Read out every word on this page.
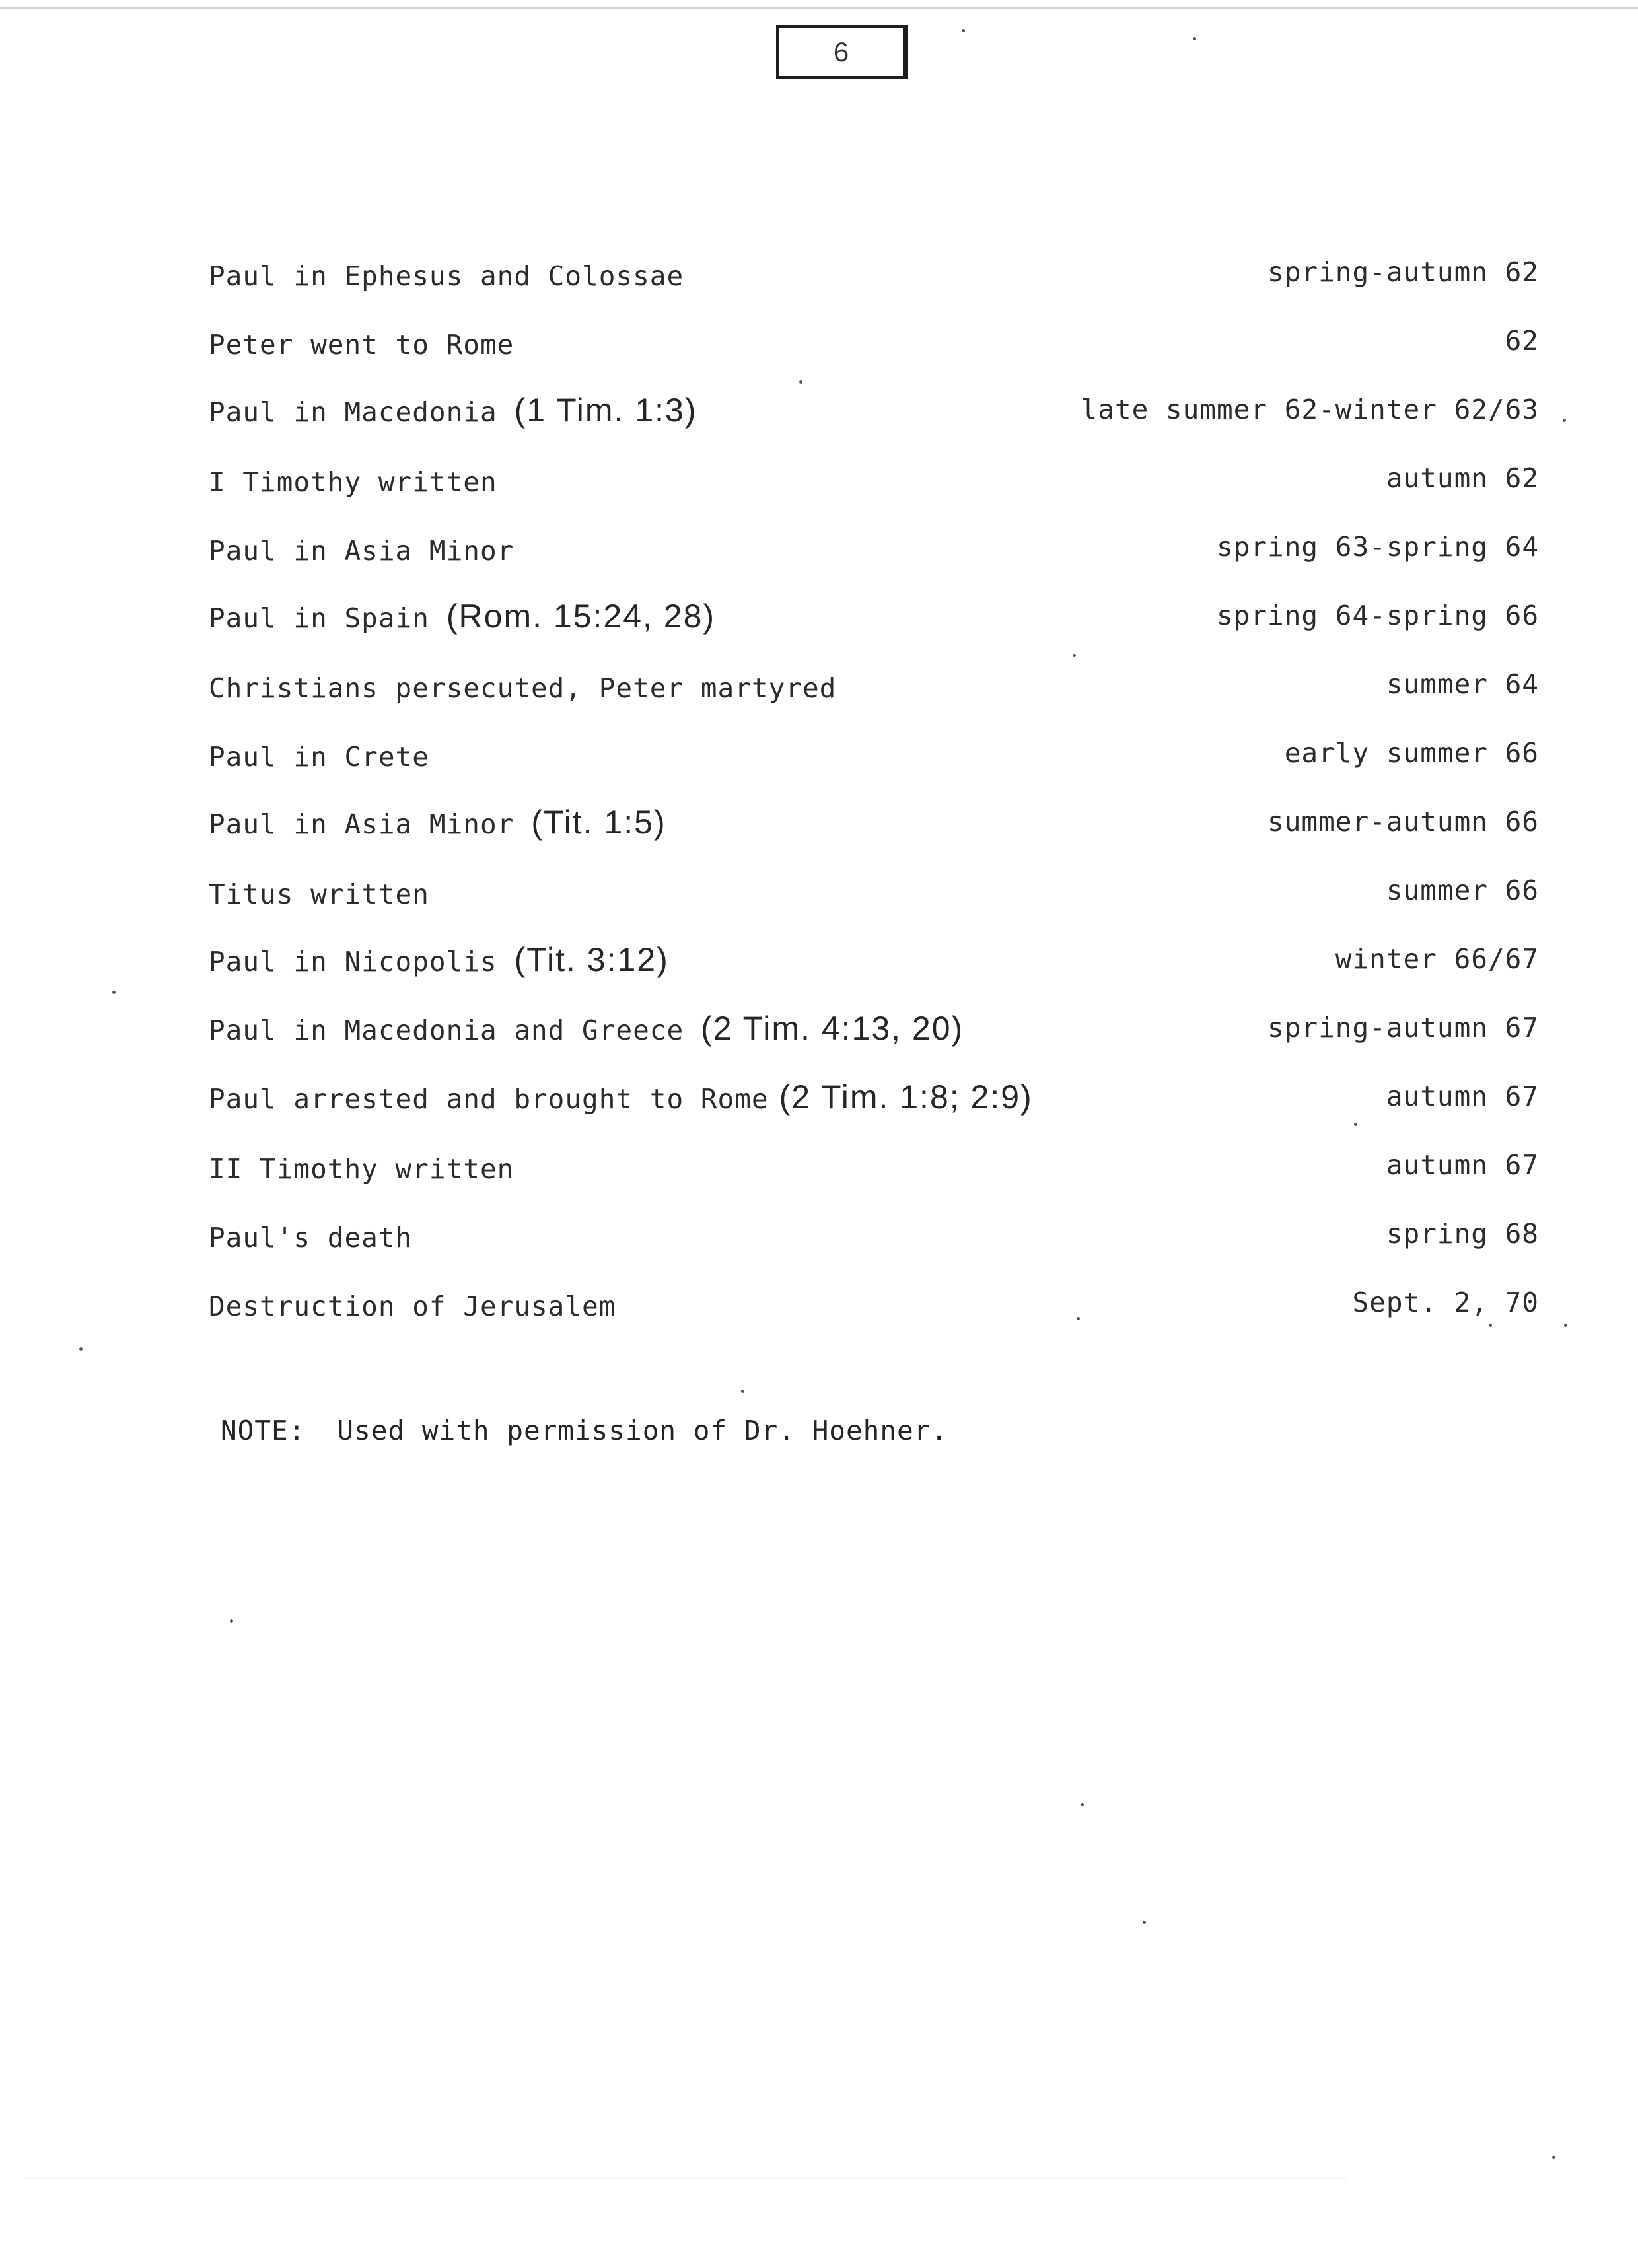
6
Paul in Ephesus and Colossae	spring-autumn 62
Peter went to Rome	62
Paul in Macedonia (1 Tim. 1:3)	late summer 62-winter 62/63
I Timothy written	autumn 62
Paul in Asia Minor	spring 63-spring 64
Paul in Spain (Rom. 15:24, 28)	spring 64-spring 66
Christians persecuted, Peter martyred	summer 64
Paul in Crete	early summer 66
Paul in Asia Minor (Tit. 1:5)	summer-autumn 66
Titus written	summer 66
Paul in Nicopolis (Tit. 3:12)	winter 66/67
Paul in Macedonia and Greece (2 Tim. 4:13, 20)	spring-autumn 67
Paul arrested and brought to Rome (2 Tim. 1:8; 2:9)	autumn 67
II Timothy written	autumn 67
Paul's death	spring 68
Destruction of Jerusalem	Sept. 2, 70
NOTE: Used with permission of Dr. Hoehner.
